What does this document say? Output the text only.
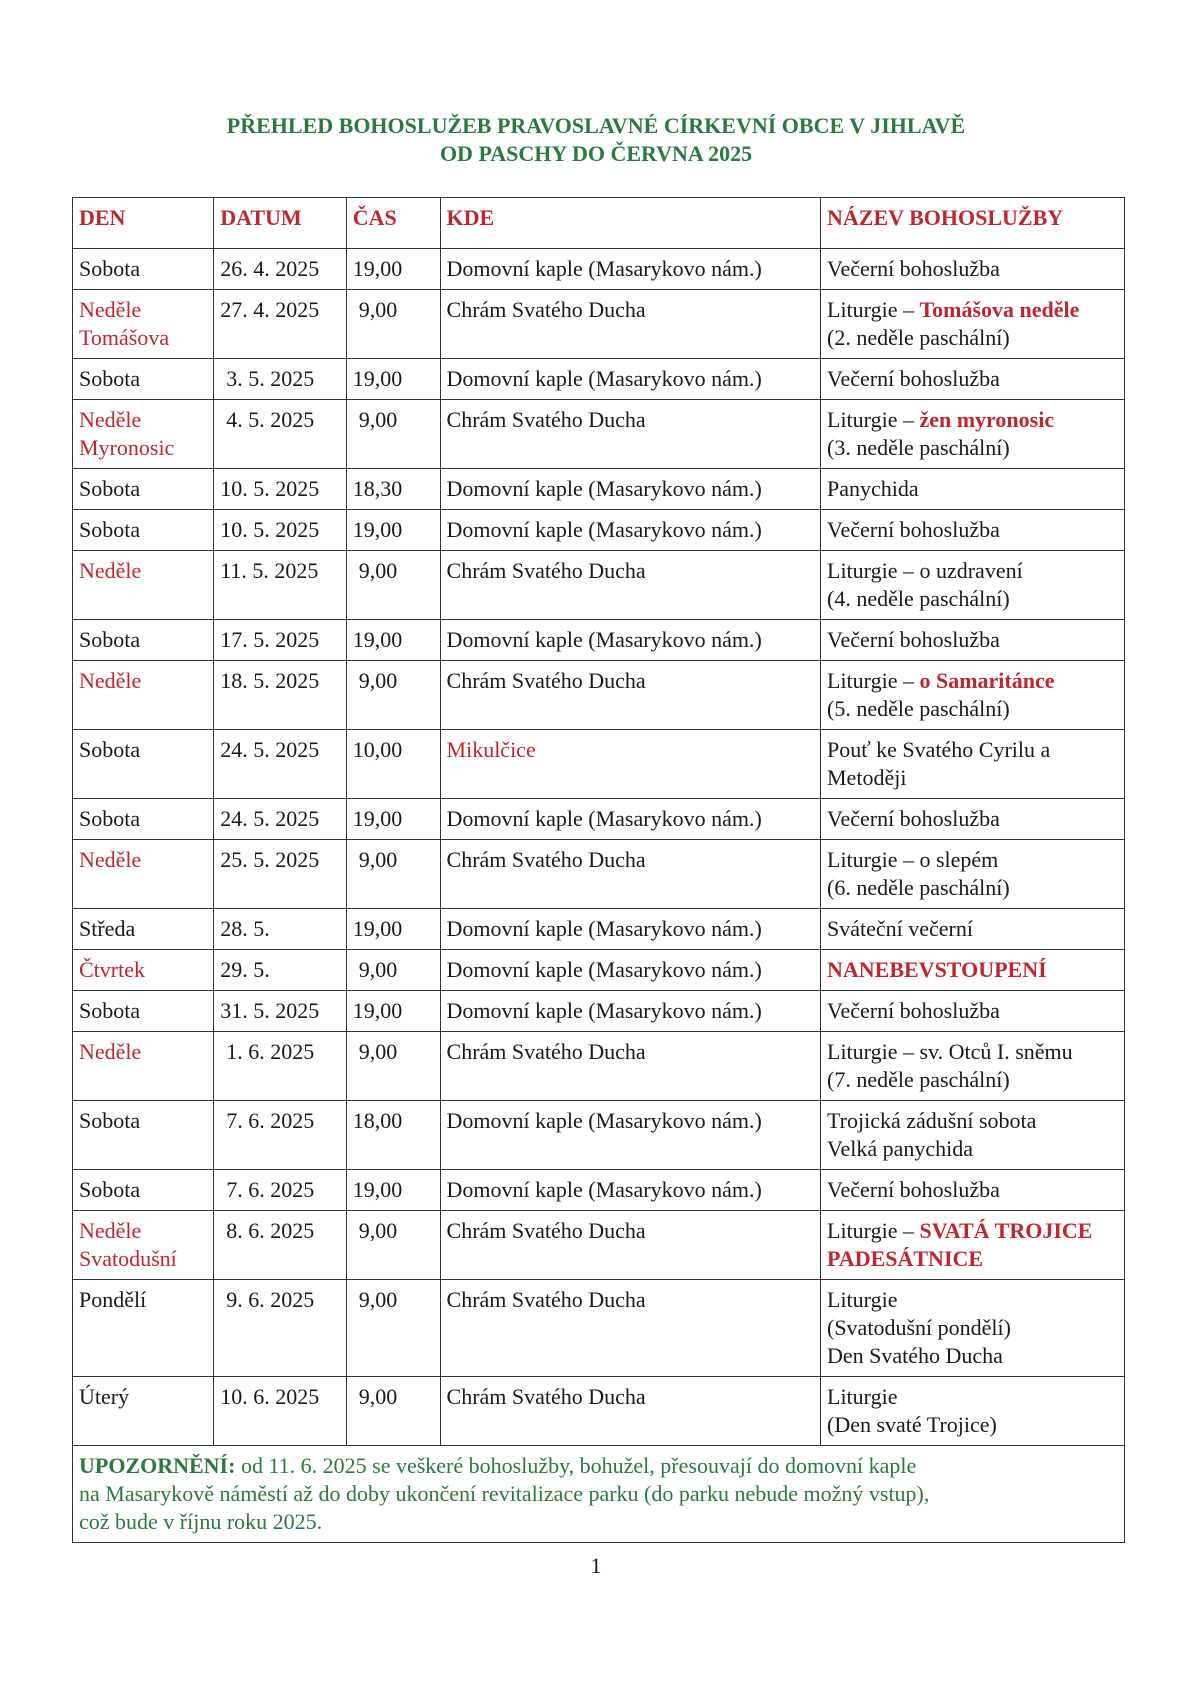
PŘEHLED BOHOSLUŽEB PRAVOSLAVNÉ CÍRKEVNÍ OBCE V JIHLAVĚ
OD PASCHY DO ČERVNA 2025
DEN	DATUM	ČAS	KDE	NÁZEV BOHOSLUŽBY

Sobota	26. 4. 2025	19,00	Domovní kaple (Masarykovo nám.)	Večerní bohoslužba

Neděle
Tomášova	27. 4. 2025	9,00	Chrám Svatého Ducha	Liturgie – Tomášova neděle
(2. neděle paschální)

Sobota	3. 5. 2025	19,00	Domovní kaple (Masarykovo nám.)	Večerní bohoslužba

Neděle
Myronosic	4. 5. 2025	9,00	Chrám Svatého Ducha	Liturgie – žen myronosic
(3. neděle paschální)

Sobota	10. 5. 2025	18,30	Domovní kaple (Masarykovo nám.)	Panychida

Sobota	10. 5. 2025	19,00	Domovní kaple (Masarykovo nám.)	Večerní bohoslužba

Neděle	11. 5. 2025	9,00	Chrám Svatého Ducha	Liturgie – o uzdravení
(4. neděle paschální)

Sobota	17. 5. 2025	19,00	Domovní kaple (Masarykovo nám.)	Večerní bohoslužba

Neděle	18. 5. 2025	9,00	Chrám Svatého Ducha	Liturgie – o Samaritánce
(5. neděle paschální)

Sobota	24. 5. 2025	10,00	Mikulčice	Pouť ke Svatého Cyrilu a
Metoději

Sobota	24. 5. 2025	19,00	Domovní kaple (Masarykovo nám.)	Večerní bohoslužba

Neděle	25. 5. 2025	9,00	Chrám Svatého Ducha	Liturgie – o slepém
(6. neděle paschální)

Středa	28. 5.	19,00	Domovní kaple (Masarykovo nám.)	Sváteční večerní

Čtvrtek	29. 5.	9,00	Domovní kaple (Masarykovo nám.)	NANEBEVSTOUPENÍ

Sobota	31. 5. 2025	19,00	Domovní kaple (Masarykovo nám.)	Večerní bohoslužba

Neděle	1. 6. 2025	9,00	Chrám Svatého Ducha	Liturgie – sv. Otců I. sněmu
(7. neděle paschální)

Sobota	7. 6. 2025	18,00	Domovní kaple (Masarykovo nám.)	Trojická zádušní sobota
Velká panychida

Sobota	7. 6. 2025	19,00	Domovní kaple (Masarykovo nám.)	Večerní bohoslužba

Neděle
Svatodušní	8. 6. 2025	9,00	Chrám Svatého Ducha	Liturgie – SVATÁ TROJICE
PADESÁTNICE

Pondělí	9. 6. 2025	9,00	Chrám Svatého Ducha	Liturgie
(Svatodušní pondělí)
Den Svatého Ducha

Úterý	10. 6. 2025	9,00	Chrám Svatého Ducha	Liturgie
(Den svaté Trojice)

UPOZORNĚNÍ: od 11. 6. 2025 se veškeré bohoslužby, bohužel, přesouvají do domovní kaple
na Masarykově náměstí až do doby ukončení revitalizace parku (do parku nebude možný vstup),
což bude v říjnu roku 2025.				
1
